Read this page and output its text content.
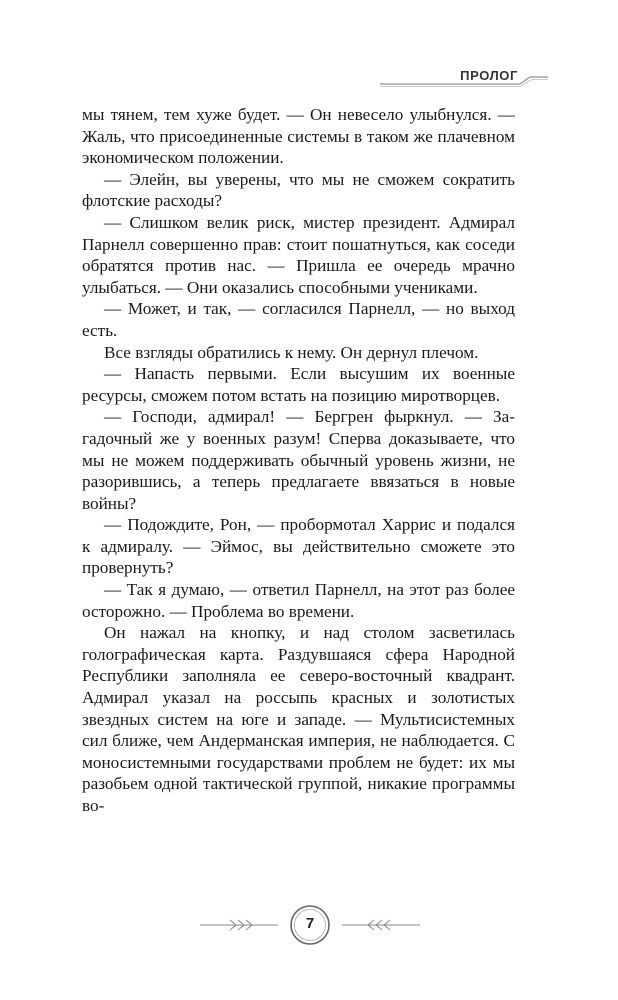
ПРОЛОГ

мы тянем, тем хуже будет. — Он невесело улыбнулся. — Жаль, что присоединенные системы в таком же плачевном экономическом положении.

— Элейн, вы уверены, что мы не сможем сократить флотские расходы?

— Слишком велик риск, мистер президент. Адмирал Парнелл совершенно прав: стоит пошатнуться, как соседи обратятся против нас. — Пришла ее очередь мрачно улыбаться. — Они оказались способными учениками.

— Может, и так, — согласился Парнелл, — но выход есть.

Все взгляды обратились к нему. Он дернул плечом.

— Напасть первыми. Если высушим их военные ресурсы, сможем потом встать на позицию миротворцев.

— Господи, адмирал! — Бергрен фыркнул. — Загадочный же у военных разум! Сперва доказываете, что мы не можем поддерживать обычный уровень жизни, не разорившись, а теперь предлагаете ввязаться в новые войны?

— Подождите, Рон, — пробормотал Харрис и подался к адмиралу. — Эймос, вы действительно сможете это провернуть?

— Так я думаю, — ответил Парнелл, на этот раз более осторожно. — Проблема во времени.

Он нажал на кнопку, и над столом засветилась голографическая карта. Раздувшаяся сфера Народной Республики заполняла ее северо-восточный квадрант. Адмирал указал на россыпь красных и золотистых звездных систем на юге и западе. — Мультисистемных сил ближе, чем Андерманская империя, не наблюдается. С моносистемными государствами проблем не будет: их мы разобьем одной тактической группой, никакие программы во-

7
